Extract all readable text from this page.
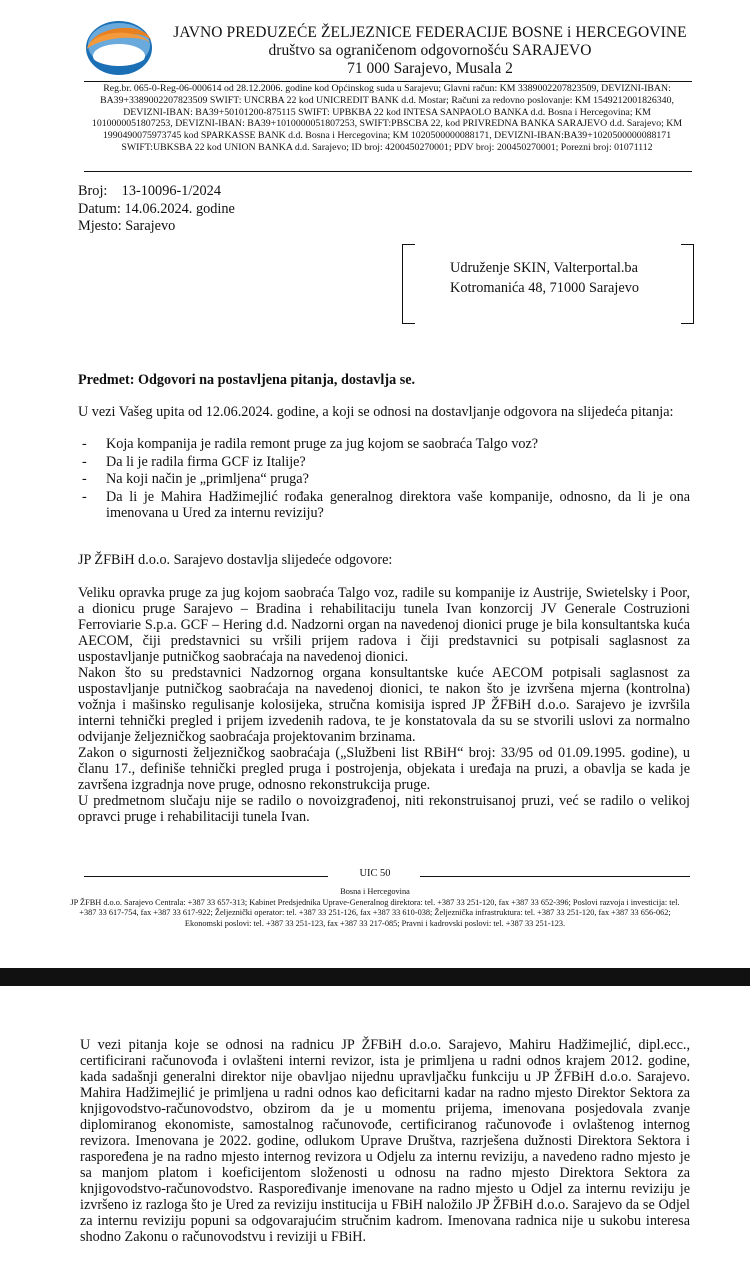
JAVNO PREDUZEĆE ŽELJEZNICE FEDERACIJE BOSNE i HERCEGOVINE
društvo sa ograničenom odgovornošću SARAJEVO
71 000 Sarajevo, Musala 2
Reg.br. 065-0-Reg-06-000614 od 28.12.2006. godine kod Općinskog suda u Sarajevu; Glavni račun: KM 3389002207823509, DEVIZNI-IBAN: BA39+3389002207823509 SWIFT: UNCRBA 22 kod UNICREDIT BANK d.d. Mostar; Računi za redovno poslovanje: KM 1549212001826340, DEVIZNI-IBAN: BA39+50101200-875115 SWIFT: UPBKBA 22 kod INTESA SANPAOLO BANKA d.d. Bosna i Hercegovina; KM 1010000051807253, DEVIZNI-IBAN: BA39+1010000051807253, SWIFT:PBSCBA 22, kod PRIVREDNA BANKA SARAJEVO d.d. Sarajevo; KM 1990490075973745 kod SPARKASSE BANK d.d. Bosna i Hercegovina; KM 1020500000088171, DEVIZNI-IBAN:BA39+1020500000088171 SWIFT:UBKSBA 22 kod UNION BANKA d.d. Sarajevo; ID broj: 4200450270001; PDV broj: 200450270001; Porezni broj: 01071112
Broj:    13-10096-1/2024
Datum: 14.06.2024. godine
Mjesto: Sarajevo
Udruženje SKIN, Valterportal.ba
Kotromanića 48, 71000 Sarajevo
Predmet: Odgovori na postavljena pitanja, dostavlja se.
U vezi Vašeg upita od 12.06.2024. godine, a koji se odnosi na dostavljanje odgovora na slijedeća pitanja:
- Koja kompanija je radila remont pruge za jug kojom se saobraća Talgo voz?
- Da li je radila firma GCF iz Italije?
- Na koji način je „primljena“ pruga?
- Da li je Mahira Hadžimejlić rođaka generalnog direktora vaše kompanije, odnosno, da li je ona imenovana u Ured za internu reviziju?
JP ŽFBiH d.o.o. Sarajevo dostavlja slijedeće odgovore:
Veliku opravka pruge za jug kojom saobraća Talgo voz, radile su kompanije iz Austrije, Swietelsky i Poor, a dionicu pruge Sarajevo – Bradina i rehabilitaciju tunela Ivan konzorcij JV Generale Costruzioni Ferroviarie S.p.a. GCF – Hering d.d. Nadzorni organ na navedenoj dionici pruge je bila konsultantska kuća AECOM, čiji predstavnici su vršili prijem radova i čiji predstavnici su potpisali saglasnost za uspostavljanje putničkog saobraćaja na navedenoj dionici.
Nakon što su predstavnici Nadzornog organa konsultantske kuće AECOM potpisali saglasnost za uspostavljanje putničkog saobraćaja na navedenoj dionici, te nakon što je izvršena mjerna (kontrolna) vožnja i mašinsko regulisanje kolosijeka, stručna komisija ispred JP ŽFBiH d.o.o. Sarajevo je izvršila interni tehnički pregled i prijem izvedenih radova, te je konstatovala da su se stvorili uslovi za normalno odvijanje željezničkog saobraćaja projektovanim brzinama.
Zakon o sigurnosti željezničkog saobraćaja („Službeni list RBiH“ broj: 33/95 od 01.09.1995. godine), u članu 17., definiše tehnički pregled pruga i postrojenja, objekata i uređaja na pruzi, a obavlja se kada je završena izgradnja nove pruge, odnosno rekonstrukcija pruge.
U predmetnom slučaju nije se radilo o novoizgrađenoj, niti rekonstruisanoj pruzi, već se radilo o velikoj opravci pruge i rehabilitaciji tunela Ivan.
UIC 50
Bosna i Hercegovina
JP ŽFBH d.o.o. Sarajevo Centrala: +387 33 657-313; Kabinet Predsjednika Uprave-Generalnog direktora: tel. +387 33 251-120, fax +387 33 652-396; Poslovi razvoja i investicija: tel. +387 33 617-754, fax +387 33 617-922; Željeznički operator: tel. +387 33 251-126, fax +387 33 610-038; Željeznička infrastruktura: tel. +387 33 251-120, fax +387 33 656-062; Ekonomski poslovi: tel. +387 33 251-123, fax +387 33 217-085; Pravni i kadrovski poslovi: tel. +387 33 251-123.
U vezi pitanja koje se odnosi na radnicu JP ŽFBiH d.o.o. Sarajevo, Mahiru Hadžimejlić, dipl.ecc., certificirani računovođa i ovlašteni interni revizor, ista je primljena u radni odnos krajem 2012. godine, kada sadašnji generalni direktor nije obavljao nijednu upravljačku funkciju u JP ŽFBiH d.o.o. Sarajevo. Mahira Hadžimejlić je primljena u radni odnos kao deficitarni kadar na radno mjesto Direktor Sektora za knjigovodstvo-računovodstvo, obzirom da je u momentu prijema, imenovana posjedovala zvanje diplomiranog ekonomiste, samostalnog računovođe, certificiranog računovođe i ovlaštenog internog revizora. Imenovana je 2022. godine, odlukom Uprave Društva, razrješena dužnosti Direktora Sektora i raspoređena je na radno mjesto internog revizora u Odjelu za internu reviziju, a navedeno radno mjesto je sa manjom platom i koeficijentom složenosti u odnosu na radno mjesto Direktora Sektora za knjigovodstvo-računovodstvo. Raspoređivanje imenovane na radno mjesto u Odjel za internu reviziju je izvršeno iz razloga što je Ured za reviziju institucija u FBiH naložilo JP ŽFBiH d.o.o. Sarajevo da se Odjel za internu reviziju popuni sa odgovarajućim stručnim kadrom. Imenovana radnica nije u sukobu interesa shodno Zakonu o računovodstvu i reviziji u FBiH.
